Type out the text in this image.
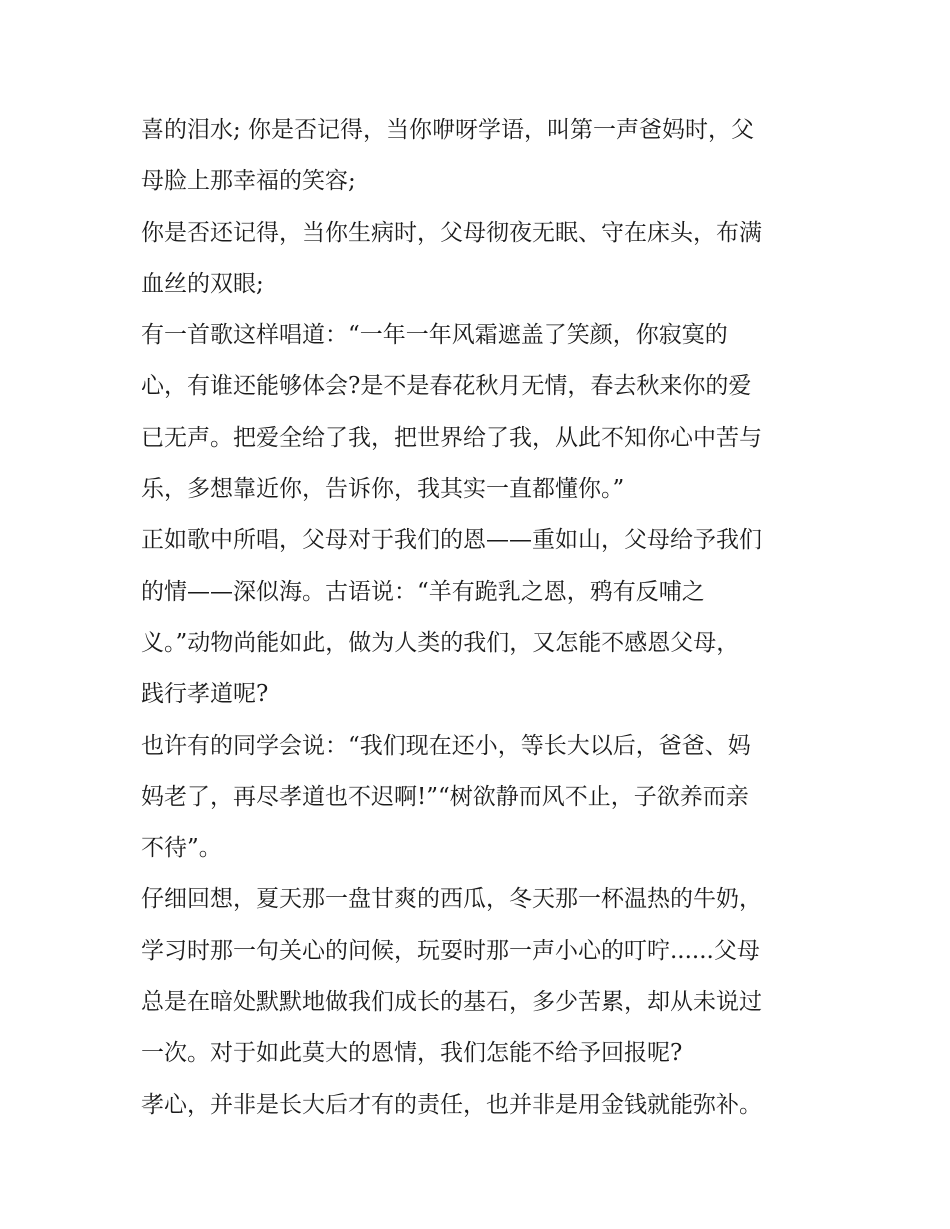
喜的泪水; 你是否记得，当你咿呀学语，叫第一声爸妈时，父
母脸上那幸福的笑容;
你是否还记得，当你生病时，父母彻夜无眠、守在床头，布满
血丝的双眼;
有一首歌这样唱道：“一年一年风霜遮盖了笑颜，你寂寞的
心，有谁还能够体会?是不是春花秋月无情，春去秋来你的爱
已无声。把爱全给了我，把世界给了我，从此不知你心中苦与
乐，多想靠近你，告诉你，我其实一直都懂你。”
正如歌中所唱，父母对于我们的恩——重如山，父母给予我们
的情——深似海。古语说：“羊有跪乳之恩，鸦有反哺之
义。”动物尚能如此，做为人类的我们，又怎能不感恩父母，
践行孝道呢?
也许有的同学会说：“我们现在还小，等长大以后，爸爸、妈
妈老了，再尽孝道也不迟啊!”“树欲静而风不止，子欲养而亲
不待”。
仔细回想，夏天那一盘甘爽的西瓜，冬天那一杯温热的牛奶，
学习时那一句关心的问候，玩耍时那一声小心的叮咛......父母
总是在暗处默默地做我们成长的基石，多少苦累，却从未说过
一次。对于如此莫大的恩情，我们怎能不给予回报呢?
孝心，并非是长大后才有的责任，也并非是用金钱就能弥补。
